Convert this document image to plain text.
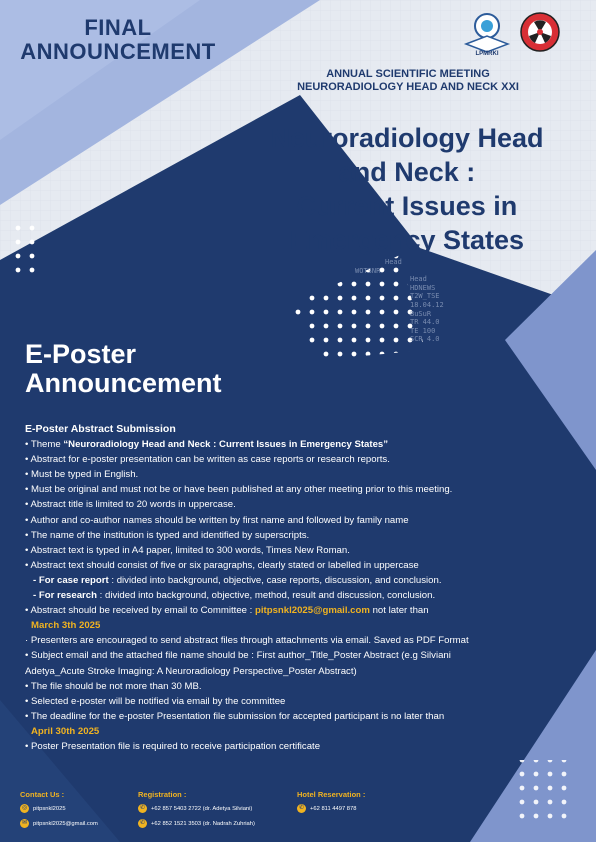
FINAL
ANNOUNCEMENT	LPMRKI
ANNUAL SCIENTIFIC MEETING
NEURORADIOLOGY HEAD AND NECK XXI
Neuroradiology Head
and Neck :
Current Issues in
Emergency States
Head
WOTSNR
Head
HDNEWS
T2W_TSE
18.04.12
BuSuR
TR 44.0
TE 100
SCR 4.0
E-Poster
Announcement
E-Poster Abstract Submission
• Theme “Neuroradiology Head and Neck : Current Issues in Emergency States”
• Abstract for e-poster presentation can be written as case reports or research reports.
• Must be typed in English.
• Must be original and must not be or have been published at any other meeting prior to this meeting.
• Abstract title is limited to 20 words in uppercase.
• Author and co-author names should be written by first name and followed by family name
• The name of the institution is typed and identified by superscripts.
• Abstract text is typed in A4 paper, limited to 300 words, Times New Roman.
• Abstract text should consist of five or six paragraphs, clearly stated or labelled in uppercase
- For case report : divided into background, objective, case reports, discussion, and conclusion.
- For research : divided into background, objective, method, result and discussion, conclusion.
• Abstract should be received by email to Committee : pitpsnkl2025@gmail.com not later than
March 3th 2025
· Presenters are encouraged to send abstract files through attachments via email. Saved as PDF Format
• Subject email and the attached file name should be : First author_Title_Poster Abstract (e.g Silviani
Adetya_Acute Stroke Imaging: A Neuroradiology Perspective_Poster Abstract)
• The file should be not more than 30 MB.
• Selected e-poster will be notified via email by the committee
• The deadline for the e-poster Presentation file submission for accepted participant is no later than
April 30th 2025
• Poster Presentation file is required to receive participation certificate
Contact Us :
◎	pitpsnkl2025
✉	pitpsnkl2025@gmail.com
Registration :
✆	+62 857 5403 2722 (dr. Adetya Silviani)
✆	+62 852 1521 3503 (dr. Nadrah Zuhriah)
Hotel Reservation :
✆	+62 811 4497 878
